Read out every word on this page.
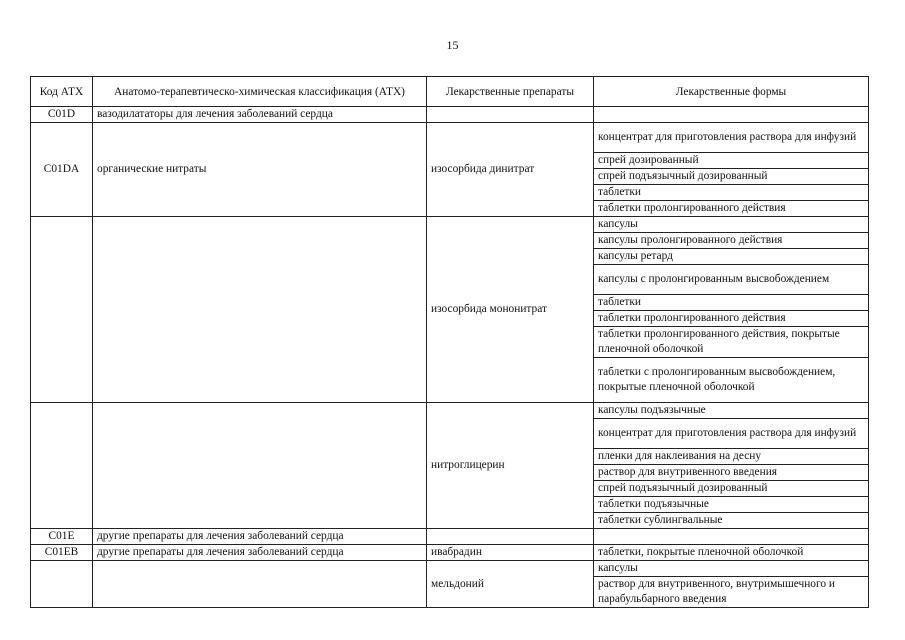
15
Код АТХ	Анатомо-терапевтическо-химическая классификация (АТХ)	Лекарственные препараты	Лекарственные формы
C01D	вазодилататоры для лечения заболеваний сердца		
C01DA	органические нитраты	изосорбида динитрат	концентрат для приготовления раствора для инфузий
			спрей дозированный
			спрей подъязычный дозированный
			таблетки
			таблетки пролонгированного действия
		изосорбида мононитрат	капсулы
			капсулы пролонгированного действия
			капсулы ретард
			капсулы с пролонгированным высвобождением
			таблетки
			таблетки пролонгированного действия
			таблетки пролонгированного действия, покрытые пленочной оболочкой
			таблетки с пролонгированным высвобождением, покрытые пленочной оболочкой
		нитроглицерин	капсулы подъязычные
			концентрат для приготовления раствора для инфузий
			пленки для наклеивания на десну
			раствор для внутривенного введения
			спрей подъязычный дозированный
			таблетки подъязычные
			таблетки сублингвальные
C01E	другие препараты для лечения заболеваний сердца		
C01EB	другие препараты для лечения заболеваний сердца	ивабрадин	таблетки, покрытые пленочной оболочкой
		мельдоний	капсулы
			раствор для внутривенного, внутримышечного и парабульбарного введения
